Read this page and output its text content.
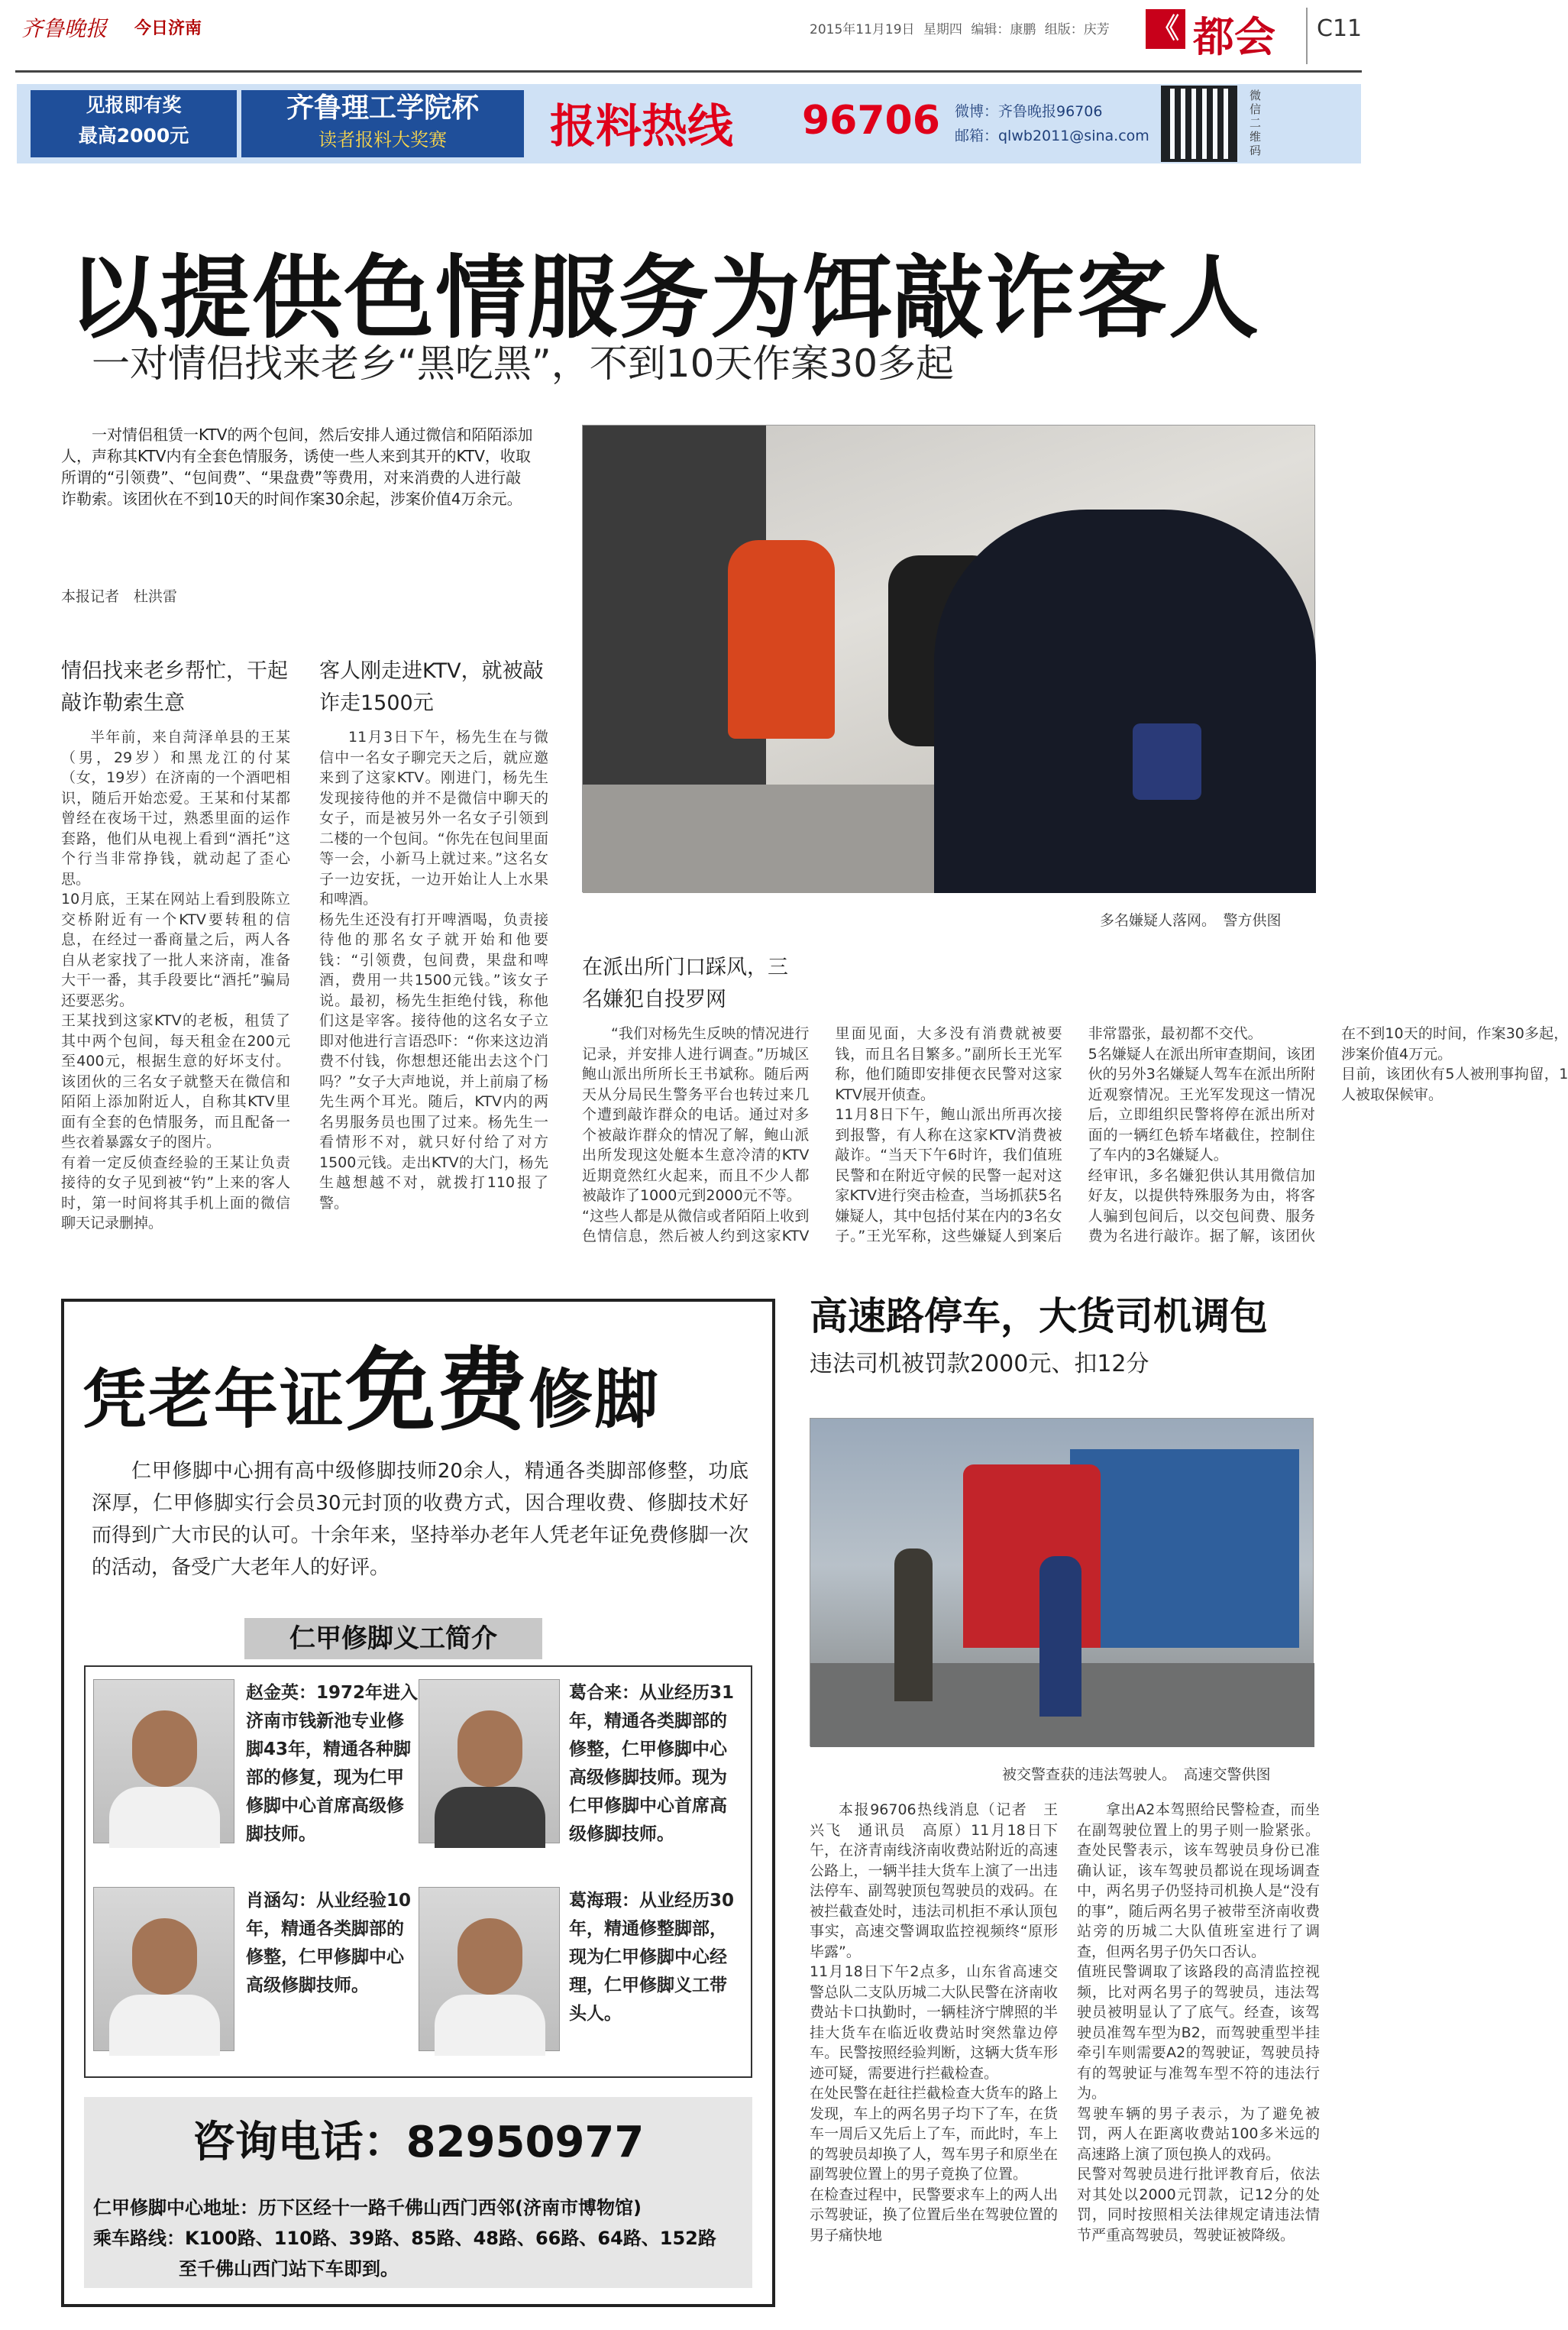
齐鲁晚报 今日济南	2015年11月19日 星期四 编辑：康鹏 组版：庆芳 《 都会 C11
见报即有奖
最高2000元
齐鲁理工学院杯
读者报料大奖赛	报料热线 96706 微博：齐鲁晚报96706
邮箱：qlwb2011@sina.com
微信二维码
以提供色情服务为饵敲诈客人
一对情侣找来老乡“黑吃黑”，不到10天作案30多起
一对情侣租赁一KTV的两个包间，然后安排人通过微信和陌陌添加人，声称其KTV内有全套色情服务，诱使一些人来到其开的KTV，收取所谓的“引领费”、“包间费”、“果盘费”等费用，对来消费的人进行敲诈勒索。该团伙在不到10天的时间作案30余起，涉案价值4万余元。
本报记者　杜洪雷
多名嫌疑人落网。　警方供图
情侣找来老乡帮忙，干起敲诈勒索生意
半年前，来自菏泽单县的王某（男，29岁）和黑龙江的付某（女，19岁）在济南的一个酒吧相识，随后开始恋爱。王某和付某都曾经在夜场干过，熟悉里面的运作套路，他们从电视上看到“酒托”这个行当非常挣钱，就动起了歪心思。
10月底，王某在网站上看到股陈立交桥附近有一个KTV要转租的信息，在经过一番商量之后，两人各自从老家找了一批人来济南，准备大干一番，其手段要比“酒托”骗局还要恶劣。
王某找到这家KTV的老板，租赁了其中两个包间，每天租金在200元至400元，根据生意的好坏支付。该团伙的三名女子就整天在微信和陌陌上添加附近人，自称其KTV里面有全套的色情服务，而且配备一些衣着暴露女子的图片。
有着一定反侦查经验的王某让负责接待的女子见到被“钓”上来的客人时，第一时间将其手机上面的微信聊天记录删掉。
客人刚走进KTV，就被敲诈走1500元
11月3日下午，杨先生在与微信中一名女子聊完天之后，就应邀来到了这家KTV。刚进门，杨先生发现接待他的并不是微信中聊天的女子，而是被另外一名女子引领到二楼的一个包间。“你先在包间里面等一会，小新马上就过来。”这名女子一边安抚，一边开始让人上水果和啤酒。
杨先生还没有打开啤酒喝，负责接待他的那名女子就开始和他要钱：“引领费，包间费，果盘和啤酒，费用一共1500元钱。”该女子说。最初，杨先生拒绝付钱，称他们这是宰客。接待他的这名女子立即对他进行言语恐吓：“你来这边消费不付钱，你想想还能出去这个门吗？”女子大声地说，并上前扇了杨先生两个耳光。随后，KTV内的两名男服务员也围了过来。杨先生一看情形不对，就只好付给了对方1500元钱。走出KTV的大门，杨先生越想越不对，就拨打110报了警。
在派出所门口踩风，三名嫌犯自投罗网
“我们对杨先生反映的情况进行记录，并安排人进行调查。”历城区鲍山派出所所长王书斌称。随后两天从分局民生警务平台也转过来几个遭到敲诈群众的电话。通过对多个被敲诈群众的情况了解，鲍山派出所发现这处艇本生意冷清的KTV近期竟然红火起来，而且不少人都被敲诈了1000元到2000元不等。
“这些人都是从微信或者陌陌上收到色情信息，然后被人约到这家KTV里面见面，大多没有消费就被要钱，而且名目繁多。”副所长王光军称，他们随即安排便衣民警对这家KTV展开侦查。
11月8日下午，鲍山派出所再次接到报警，有人称在这家KTV消费被敲诈。“当天下午6时许，我们值班民警和在附近守候的民警一起对这家KTV进行突击检查，当场抓获5名嫌疑人，其中包括付某在内的3名女子。”王光军称，这些嫌疑人到案后非常嚣张，最初都不交代。
5名嫌疑人在派出所审查期间，该团伙的另外3名嫌疑人驾车在派出所附近观察情况。王光军发现这一情况后，立即组织民警将停在派出所对面的一辆红色轿车堵截住，控制住了车内的3名嫌疑人。
经审讯，多名嫌犯供认其用微信加好友，以提供特殊服务为由，将客人骗到包间后，以交包间费、服务费为名进行敲诈。据了解，该团伙在不到10天的时间，作案30多起，涉案价值4万元。
目前，该团伙有5人被刑事拘留，1人被取保候审。
凭老年证免费修脚
仁甲修脚中心拥有高中级修脚技师20余人，精通各类脚部修整，功底深厚，仁甲修脚实行会员30元封顶的收费方式，因合理收费、修脚技术好而得到广大市民的认可。十余年来，坚持举办老年人凭老年证免费修脚一次的活动，备受广大老年人的好评。
仁甲修脚义工简介
赵金英：1972年进入济南市钱新池专业修脚43年，精通各种脚部的修复，现为仁甲修脚中心首席高级修脚技师。
葛合来：从业经历31年，精通各类脚部的修整，仁甲修脚中心高级修脚技师。现为仁甲修脚中心首席高级修脚技师。
肖涵勾：从业经验10年，精通各类脚部的修整，仁甲修脚中心高级修脚技师。
葛海瑕：从业经历30年，精通修整脚部，现为仁甲修脚中心经理，仁甲修脚义工带头人。
咨询电话：82950977
仁甲修脚中心地址：历下区经十一路千佛山西门西邻(济南市博物馆)
乘车路线：K100路、110路、39路、85路、48路、66路、64路、152路
至千佛山西门站下车即到。
高速路停车，大货司机调包
违法司机被罚款2000元、扣12分
被交警查获的违法驾驶人。　高速交警供图
本报96706热线消息（记者　王兴飞　通讯员　高原）11月18日下午，在济青南线济南收费站附近的高速公路上，一辆半挂大货车上演了一出违法停车、副驾驶顶包驾驶员的戏码。在被拦截查处时，违法司机拒不承认顶包事实，高速交警调取监控视频终“原形毕露”。
11月18日下午2点多，山东省高速交警总队二支队历城二大队民警在济南收费站卡口执勤时，一辆桂济宁牌照的半挂大货车在临近收费站时突然靠边停车。民警按照经验判断，这辆大货车形迹可疑，需要进行拦截检查。
在处民警在赶往拦截检查大货车的路上发现，车上的两名男子均下了车，在货车一周后又先后上了车，而此时，车上的驾驶员却换了人，驾车男子和原坐在副驾驶位置上的男子竟换了位置。
在检查过程中，民警要求车上的两人出示驾驶证，换了位置后坐在驾驶位置的男子痛快地
拿出A2本驾照给民警检查，而坐在副驾驶位置上的男子则一脸紧张。查处民警表示，该车驾驶员身份已准确认证，该车驾驶员都说在现场调查中，两名男子仍竖持司机换人是“没有的事”，随后两名男子被带至济南收费站旁的历城二大队值班室进行了调查，但两名男子仍矢口否认。
值班民警调取了该路段的高清监控视频，比对两名男子的驾驶员，违法驾驶员被明显认了了底气。经查，该驾驶员准驾车型为B2，而驾驶重型半挂牵引车则需要A2的驾驶证，驾驶员持有的驾驶证与准驾车型不符的违法行为。
驾驶车辆的男子表示，为了避免被罚，两人在距离收费站100多米远的高速路上演了顶包换人的戏码。
民警对驾驶员进行批评教育后，依法对其处以2000元罚款，记12分的处罚，同时按照相关法律规定请违法情节严重高驾驶员，驾驶证被降级。
